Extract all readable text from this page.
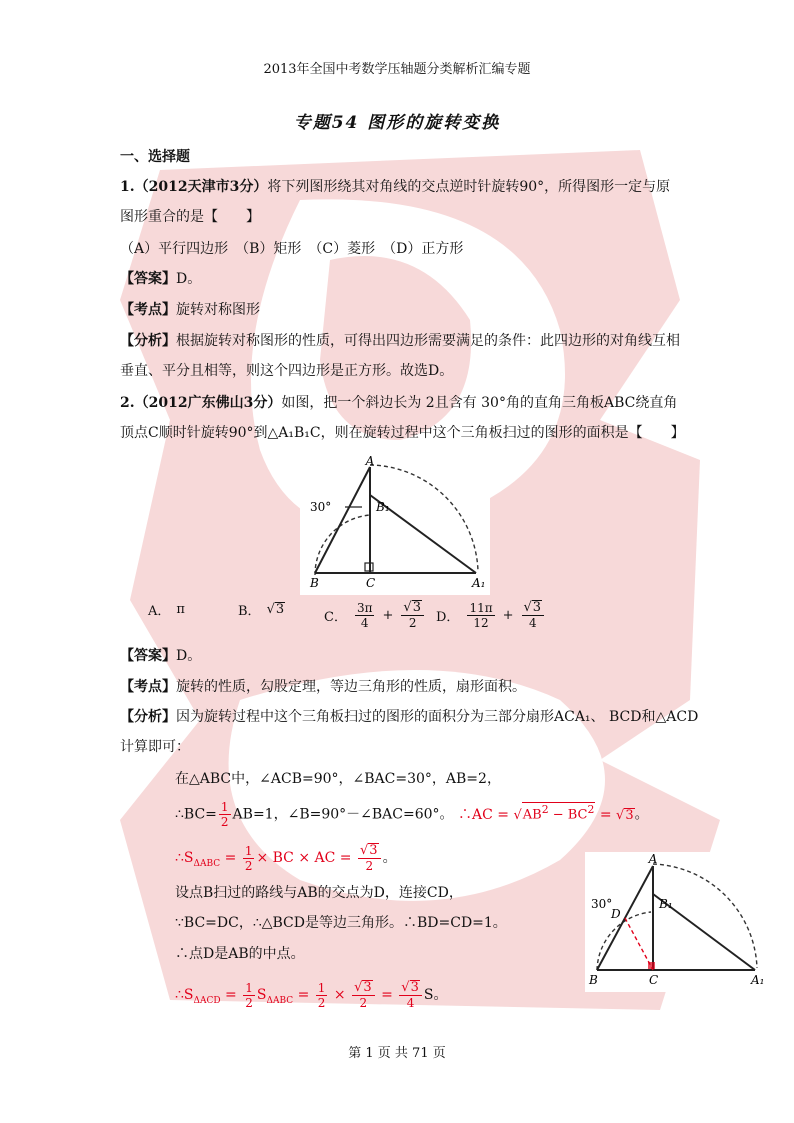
2013年全国中考数学压轴题分类解析汇编专题
专题54 图形的旋转变换
一、选择题
1.（2012天津市3分）将下列图形绕其对角线的交点逆时针旋转90°，所得图形一定与原
图形重合的是【　　】
（A）平行四边形　（B）矩形　（C）菱形　（D）正方形
【答案】D。
【考点】旋转对称图形
【分析】根据旋转对称图形的性质，可得出四边形需要满足的条件：此四边形的对角线互相
垂直、平分且相等，则这个四边形是正方形。故选D。
2.（2012广东佛山3分）如图，把一个斜边长为 2且含有 30°角的直角三角板ABC绕直角
顶点C顺时针旋转90°到△A₁B₁C，则在旋转过程中这个三角板扫过的图形的面积是【　　】
A
B	C
B₁
A₁
30°
A． π	B． √3	C． $\frac{3\pi}{4} + \frac{√3}{2}$ D． $\frac{11\pi}{12} + \frac{√3}{4}$
【答案】D。
【考点】旋转的性质，勾股定理，等边三角形的性质，扇形面积。
【分析】因为旋转过程中这个三角板扫过的图形的面积分为三部分扇形ACA₁、 BCD和△ACD
计算即可：
在△ABC中，∠ACB=90°，∠BAC=30°，AB=2，
∴BC= $\frac{1}{2} AB=1$，∠B=90°－∠BAC=60°。 ∴AC = $√AB^2 - BC^2 = √3$。
$\therefore S_{\Delta ABC} = \frac{1}{2}$ × BC × AC = $\frac{√3}{2}$ 。
设点B扫过的路线与AB的交点为D，连接CD，
∵BC=DC，∴△BCD是等边三角形。∴BD=CD=1。
∴点D是AB的中点。
$\therefore S_{\Delta ACD} = \frac{1}{2} S_{\Delta ABC} = \frac{1}{2} \times \frac{√3}{2} = \frac{√3}{4}$ S。
A
B	C
D
B₁
A₁
30°
第 1 页 共 71 页
